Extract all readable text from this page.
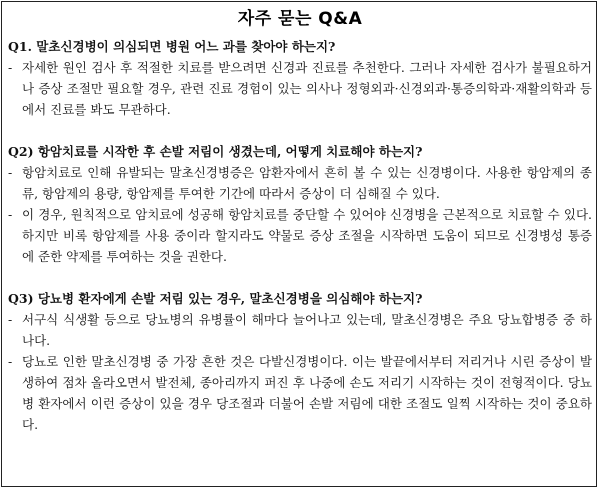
자주 묻는 Q&A

Q1. 말초신경병이 의심되면 병원 어느 과를 찾아야 하는지?

- 자세한 원인 검사 후 적절한 치료를 받으려면 신경과 진료를 추천한다. 그러나 자세한 검사가 불필요하거나 증상 조절만 필요할 경우, 관련 진료 경험이 있는 의사나 정형외과·신경외과·통증의학과·재활의학과 등에서 진료를 봐도 무관하다.

Q2) 항암치료를 시작한 후 손발 저림이 생겼는데, 어떻게 치료해야 하는지?

- 항암치료로 인해 유발되는 말초신경병증은 암환자에서 흔히 볼 수 있는 신경병이다. 사용한 항암제의 종류, 항암제의 용량, 항암제를 투여한 기간에 따라서 증상이 더 심해질 수 있다.

- 이 경우, 원칙적으로 암치료에 성공해 항암치료를 중단할 수 있어야 신경병을 근본적으로 치료할 수 있다. 하지만 비록 항암제를 사용 중이라 할지라도 약물로 증상 조절을 시작하면 도움이 되므로 신경병성 통증에 준한 약제를 투여하는 것을 권한다.

Q3) 당뇨병 환자에게 손발 저림 있는 경우, 말초신경병을 의심해야 하는지?

- 서구식 식생활 등으로 당뇨병의 유병률이 해마다 늘어나고 있는데, 말초신경병은 주요 당뇨합병증 중 하나다.

- 당뇨로 인한 말초신경병 중 가장 흔한 것은 다발신경병이다. 이는 발끝에서부터 저리거나 시린 증상이 발생하여 점차 올라오면서 발전체, 종아리까지 퍼진 후 나중에 손도 저리기 시작하는 것이 전형적이다. 당뇨병 환자에서 이런 증상이 있을 경우 당조절과 더불어 손발 저림에 대한 조절도 일찍 시작하는 것이 중요하다.
